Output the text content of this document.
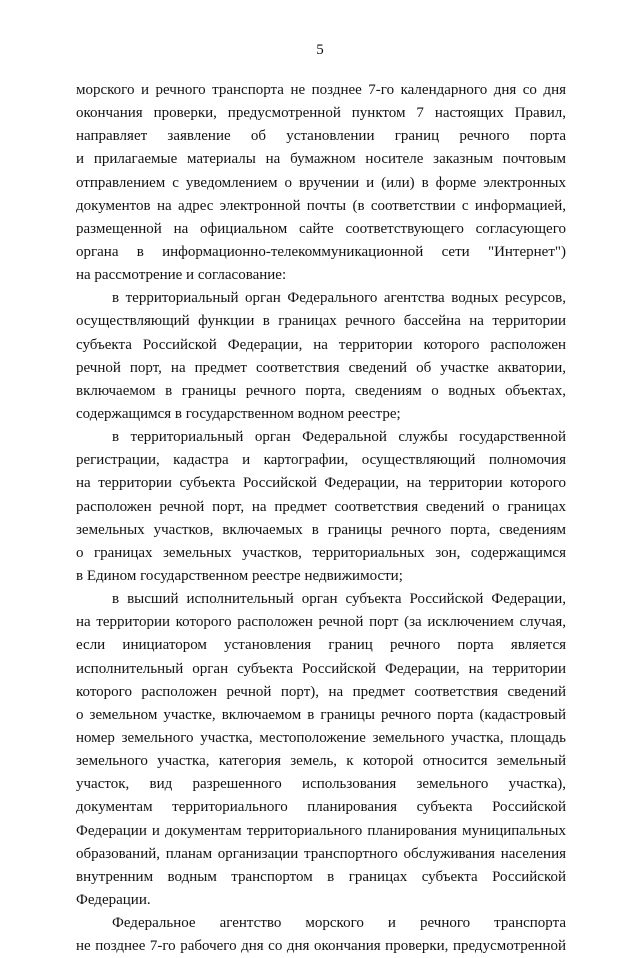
5
морского и речного транспорта не позднее 7-го календарного дня со дня
окончания проверки, предусмотренной пунктом 7 настоящих Правил,
направляет заявление об установлении границ речного порта
и прилагаемые материалы на бумажном носителе заказным почтовым
отправлением с уведомлением о вручении и (или) в форме электронных
документов на адрес электронной почты (в соответствии с информацией,
размещенной на официальном сайте соответствующего согласующего
органа в информационно-телекоммуникационной сети "Интернет")
на рассмотрение и согласование:
в территориальный орган Федерального агентства водных ресурсов,
осуществляющий функции в границах речного бассейна на территории
субъекта Российской Федерации, на территории которого расположен
речной порт, на предмет соответствия сведений об участке акватории,
включаемом в границы речного порта, сведениям о водных объектах,
содержащимся в государственном водном реестре;
в территориальный орган Федеральной службы государственной
регистрации, кадастра и картографии, осуществляющий полномочия
на территории субъекта Российской Федерации, на территории которого
расположен речной порт, на предмет соответствия сведений о границах
земельных участков, включаемых в границы речного порта, сведениям
о границах земельных участков, территориальных зон, содержащимся
в Едином государственном реестре недвижимости;
в высший исполнительный орган субъекта Российской Федерации,
на территории которого расположен речной порт (за исключением случая,
если инициатором установления границ речного порта является
исполнительный орган субъекта Российской Федерации, на территории
которого расположен речной порт), на предмет соответствия сведений
о земельном участке, включаемом в границы речного порта (кадастровый
номер земельного участка, местоположение земельного участка, площадь
земельного участка, категория земель, к которой относится земельный
участок, вид разрешенного использования земельного участка),
документам территориального планирования субъекта Российской
Федерации и документам территориального планирования муниципальных
образований, планам организации транспортного обслуживания населения
внутренним водным транспортом в границах субъекта Российской
Федерации.
Федеральное агентство морского и речного транспорта
не позднее 7-го рабочего дня со дня окончания проверки, предусмотренной
